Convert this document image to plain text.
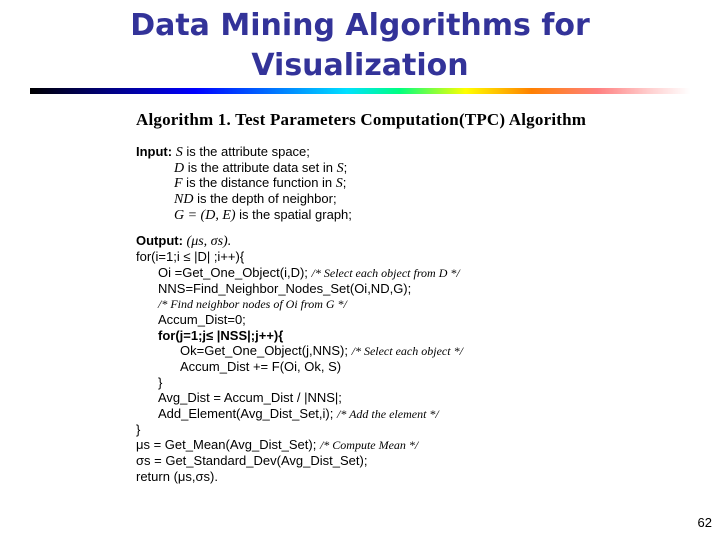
Data Mining Algorithms for
Visualization
Algorithm 1. Test Parameters Computation(TPC) Algorithm
Input: S is the attribute space;
D is the attribute data set in S;
F is the distance function in S;
ND is the depth of neighbor;
G = (D, E) is the spatial graph;
Output: (μs, σs).
for(i=1;i ≤ |D| ;i++){
Oi =Get_One_Object(i,D); /* Select each object from D */
NNS=Find_Neighbor_Nodes_Set(Oi,ND,G);
/* Find neighbor nodes of Oi from G */
Accum_Dist=0;
for(j=1;j≤ |NSS|;j++){
Ok=Get_One_Object(j,NNS); /* Select each object */
Accum_Dist += F(Oi, Ok, S)
}
Avg_Dist = Accum_Dist / |NNS|;
Add_Element(Avg_Dist_Set,i); /* Add the element */
}
μs = Get_Mean(Avg_Dist_Set); /* Compute Mean */
σs = Get_Standard_Dev(Avg_Dist_Set);
return (μs,σs).
62
